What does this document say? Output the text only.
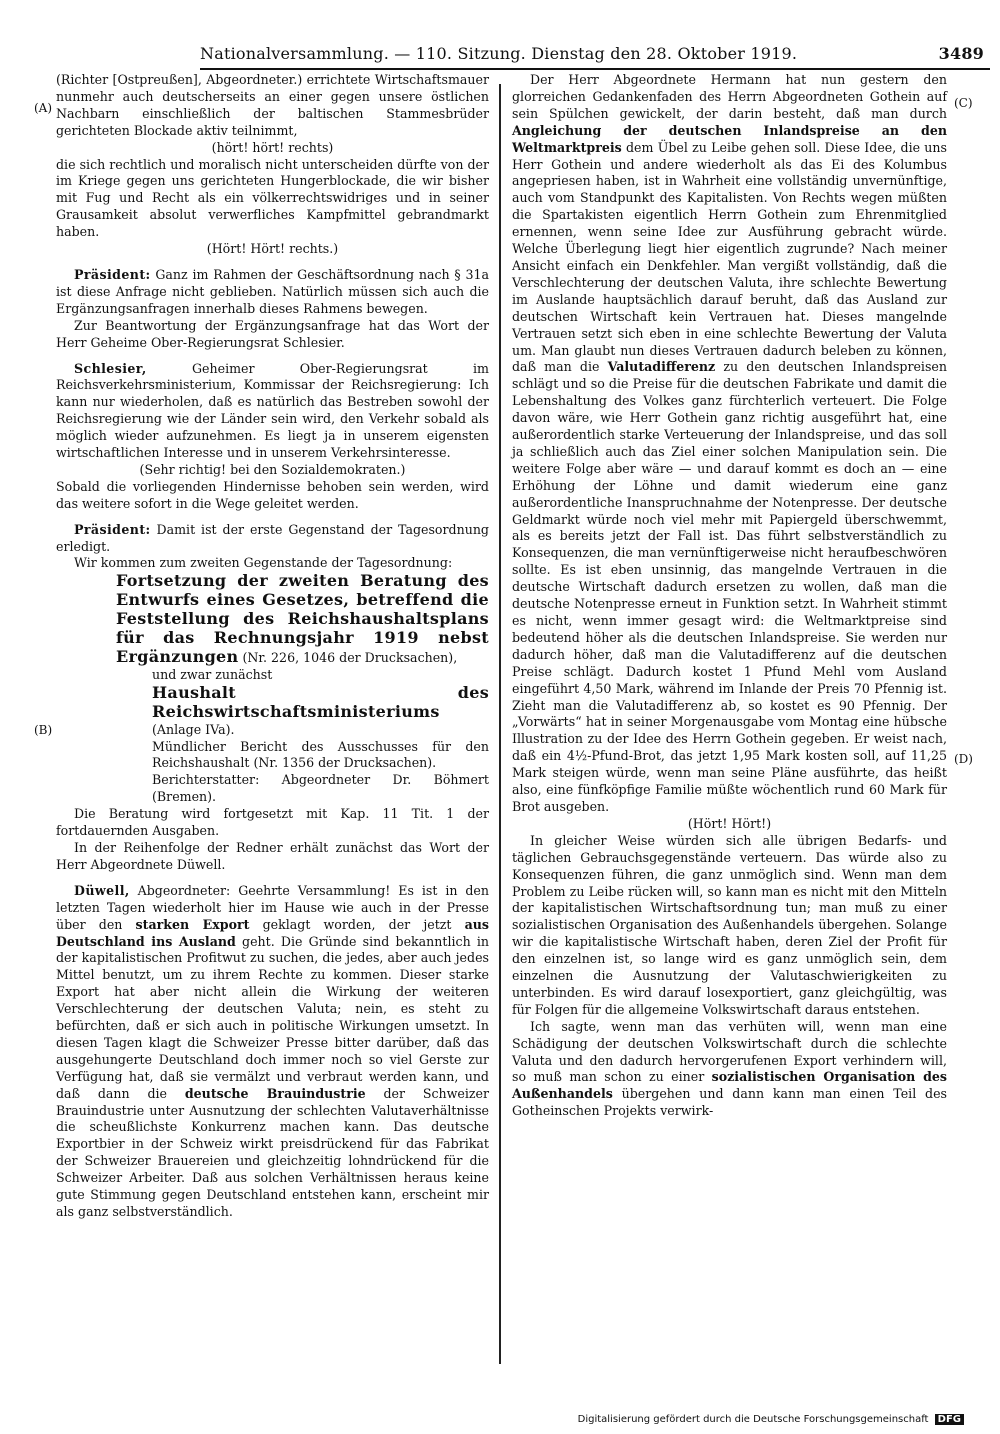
Nationalversammlung. — 110. Sitzung. Dienstag den 28. Oktober 1919.	3489
(A)
(B)
(C)
(D)

(Richter [Ostpreußen], Abgeordneter.) errichtete Wirtschaftsmauer nunmehr auch deutscherseits an einer gegen unsere östlichen Nachbarn einschließlich der baltischen Stammesbrüder gerichteten Blockade aktiv teilnimmt,

(hört! hört! rechts)

die sich rechtlich und moralisch nicht unterscheiden dürfte von der im Kriege gegen uns gerichteten Hungerblockade, die wir bisher mit Fug und Recht als ein völkerrechtswidriges und in seiner Grausamkeit absolut verwerfliches Kampfmittel gebrandmarkt haben.

(Hört! Hört! rechts.)

Präsident: Ganz im Rahmen der Geschäftsordnung nach § 31a ist diese Anfrage nicht geblieben. Natürlich müssen sich auch die Ergänzungsanfragen innerhalb dieses Rahmens bewegen.

Zur Beantwortung der Ergänzungsanfrage hat das Wort der Herr Geheime Ober-Regierungsrat Schlesier.

Schlesier, Geheimer Ober-Regierungsrat im Reichsverkehrsministerium, Kommissar der Reichsregierung: Ich kann nur wiederholen, daß es natürlich das Bestreben sowohl der Reichsregierung wie der Länder sein wird, den Verkehr sobald als möglich wieder aufzunehmen. Es liegt ja in unserem eigensten wirtschaftlichen Interesse und in unserem Verkehrsinteresse.

(Sehr richtig! bei den Sozialdemokraten.)

Sobald die vorliegenden Hindernisse behoben sein werden, wird das weitere sofort in die Wege geleitet werden.

Präsident: Damit ist der erste Gegenstand der Tagesordnung erledigt.

Wir kommen zum zweiten Gegenstande der Tagesordnung:

Fortsetzung der zweiten Beratung des Entwurfs eines Gesetzes, betreffend die Feststellung des Reichshaushaltsplans für das Rechnungsjahr 1919 nebst Ergänzungen (Nr. 226, 1046 der Drucksachen),

und zwar zunächst

Haushalt des Reichswirtschaftsministeriums (Anlage IVa).

Mündlicher Bericht des Ausschusses für den Reichshaushalt (Nr. 1356 der Drucksachen).

Berichterstatter: Abgeordneter Dr. Böhmert (Bremen).

Die Beratung wird fortgesetzt mit Kap. 11 Tit. 1 der fortdauernden Ausgaben.

In der Reihenfolge der Redner erhält zunächst das Wort der Herr Abgeordnete Düwell.

Düwell, Abgeordneter: Geehrte Versammlung! Es ist in den letzten Tagen wiederholt hier im Hause wie auch in der Presse über den starken Export geklagt worden, der jetzt aus Deutschland ins Ausland geht. Die Gründe sind bekanntlich in der kapitalistischen Profitwut zu suchen, die jedes, aber auch jedes Mittel benutzt, um zu ihrem Rechte zu kommen. Dieser starke Export hat aber nicht allein die Wirkung der weiteren Verschlechterung der deutschen Valuta; nein, es steht zu befürchten, daß er sich auch in politische Wirkungen umsetzt. In diesen Tagen klagt die Schweizer Presse bitter darüber, daß das ausgehungerte Deutschland doch immer noch so viel Gerste zur Verfügung hat, daß sie vermälzt und verbraut werden kann, und daß dann die deutsche Brauindustrie der Schweizer Brauindustrie unter Ausnutzung der schlechten Valutaverhältnisse die scheußlichste Konkurrenz machen kann. Das deutsche Exportbier in der Schweiz wirkt preisdrückend für das Fabrikat der Schweizer Brauereien und gleichzeitig lohndrückend für die Schweizer Arbeiter. Daß aus solchen Verhältnissen heraus keine gute Stimmung gegen Deutschland entstehen kann, erscheint mir als ganz selbstverständlich.

Der Herr Abgeordnete Hermann hat nun gestern den glorreichen Gedankenfaden des Herrn Abgeordneten Gothein auf sein Spülchen gewickelt, der darin besteht, daß man durch Angleichung der deutschen Inlandspreise an den Weltmarktpreis dem Übel zu Leibe gehen soll. Diese Idee, die uns Herr Gothein und andere wiederholt als das Ei des Kolumbus angepriesen haben, ist in Wahrheit eine vollständig unvernünftige, auch vom Standpunkt des Kapitalisten. Von Rechts wegen müßten die Spartakisten eigentlich Herrn Gothein zum Ehrenmitglied ernennen, wenn seine Idee zur Ausführung gebracht würde. Welche Überlegung liegt hier eigentlich zugrunde? Nach meiner Ansicht einfach ein Denkfehler. Man vergißt vollständig, daß die Verschlechterung der deutschen Valuta, ihre schlechte Bewertung im Auslande hauptsächlich darauf beruht, daß das Ausland zur deutschen Wirtschaft kein Vertrauen hat. Dieses mangelnde Vertrauen setzt sich eben in eine schlechte Bewertung der Valuta um. Man glaubt nun dieses Vertrauen dadurch beleben zu können, daß man die Valutadifferenz zu den deutschen Inlandspreisen schlägt und so die Preise für die deutschen Fabrikate und damit die Lebenshaltung des Volkes ganz fürchterlich verteuert. Die Folge davon wäre, wie Herr Gothein ganz richtig ausgeführt hat, eine außerordentlich starke Verteuerung der Inlandspreise, und das soll ja schließlich auch das Ziel einer solchen Manipulation sein. Die weitere Folge aber wäre — und darauf kommt es doch an — eine Erhöhung der Löhne und damit wiederum eine ganz außerordentliche Inanspruchnahme der Notenpresse. Der deutsche Geldmarkt würde noch viel mehr mit Papiergeld überschwemmt, als es bereits jetzt der Fall ist. Das führt selbstverständlich zu Konsequenzen, die man vernünftigerweise nicht heraufbeschwören sollte. Es ist eben unsinnig, das mangelnde Vertrauen in die deutsche Wirtschaft dadurch ersetzen zu wollen, daß man die deutsche Notenpresse erneut in Funktion setzt. In Wahrheit stimmt es nicht, wenn immer gesagt wird: die Weltmarktpreise sind bedeutend höher als die deutschen Inlandspreise. Sie werden nur dadurch höher, daß man die Valutadifferenz auf die deutschen Preise schlägt. Dadurch kostet 1 Pfund Mehl vom Ausland eingeführt 4,50 Mark, während im Inlande der Preis 70 Pfennig ist. Zieht man die Valutadifferenz ab, so kostet es 90 Pfennig. Der „Vorwärts“ hat in seiner Morgenausgabe vom Montag eine hübsche Illustration zu der Idee des Herrn Gothein gegeben. Er weist nach, daß ein 4½-Pfund-Brot, das jetzt 1,95 Mark kosten soll, auf 11,25 Mark steigen würde, wenn man seine Pläne ausführte, das heißt also, eine fünfköpfige Familie müßte wöchentlich rund 60 Mark für Brot ausgeben.

(Hört! Hört!)

In gleicher Weise würden sich alle übrigen Bedarfs- und täglichen Gebrauchsgegenstände verteuern. Das würde also zu Konsequenzen führen, die ganz unmöglich sind. Wenn man dem Problem zu Leibe rücken will, so kann man es nicht mit den Mitteln der kapitalistischen Wirtschaftsordnung tun; man muß zu einer sozialistischen Organisation des Außenhandels übergehen. Solange wir die kapitalistische Wirtschaft haben, deren Ziel der Profit für den einzelnen ist, so lange wird es ganz unmöglich sein, dem einzelnen die Ausnutzung der Valutaschwierigkeiten zu unterbinden. Es wird darauf losexportiert, ganz gleichgültig, was für Folgen für die allgemeine Volkswirtschaft daraus entstehen.

Ich sagte, wenn man das verhüten will, wenn man eine Schädigung der deutschen Volkswirtschaft durch die schlechte Valuta und den dadurch hervorgerufenen Export verhindern will, so muß man schon zu einer sozialistischen Organisation des Außenhandels übergehen und dann kann man einen Teil des Gotheinschen Projekts verwirk-

Digitalisierung gefördert durch die Deutsche Forschungsgemeinschaft DFG
